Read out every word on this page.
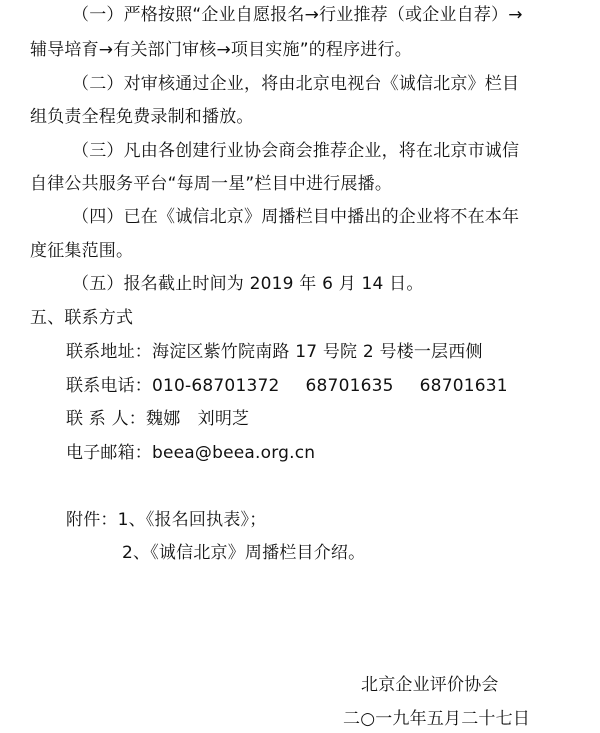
（一）严格按照“企业自愿报名→行业推荐（或企业自荐）→
辅导培育→有关部门审核→项目实施”的程序进行。
（二）对审核通过企业，将由北京电视台《诚信北京》栏目
组负责全程免费录制和播放。
（三）凡由各创建行业协会商会推荐企业，将在北京市诚信
自律公共服务平台“每周一星”栏目中进行展播。
（四）已在《诚信北京》周播栏目中播出的企业将不在本年
度征集范围。
（五）报名截止时间为 2019 年 6 月 14 日。
五、联系方式
联系地址：海淀区紫竹院南路 17 号院 2 号楼一层西侧
联系电话：010-68701372 68701635 68701631
联 系 人：魏娜　刘明芝
电子邮箱：beea@beea.org.cn
附件：1、《报名回执表》；
2、《诚信北京》周播栏目介绍。
北京企业评价协会
二○一九年五月二十七日
